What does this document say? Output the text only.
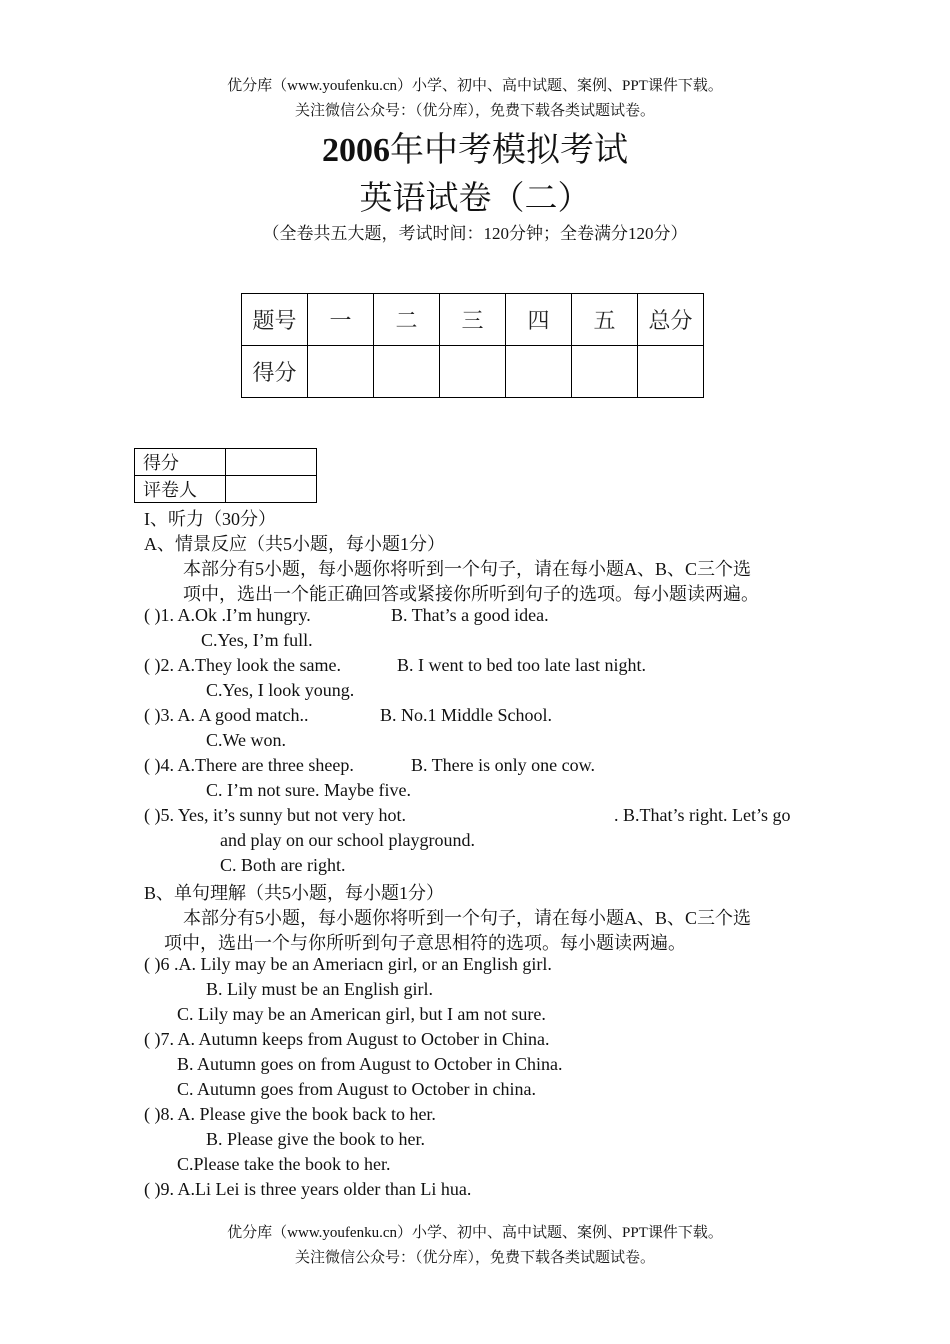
优分库（www.youfenku.cn）小学、初中、高中试题、案例、PPT课件下载。
关注微信公众号：（优分库），免费下载各类试题试卷。
2006年中考模拟考试
英语试卷（二）
（全卷共五大题，考试时间：120分钟；全卷满分120分）
题号	一	二	三	四	五	总分
得分						
得分	
评卷人	
I、听力（30分）
A、情景反应（共5小题，每小题1分）
本部分有5小题，每小题你将听到一个句子，请在每小题A、B、C三个选
项中，选出一个能正确回答或紧接你所听到句子的选项。每小题读两遍。
( )1. A.Ok .I’m hungry.	B. That’s a good idea.
C.Yes, I’m full.
( )2. A.They look the same.	B. I went to bed too late last night.
C.Yes, I look young.
( )3. A. A good match..	B. No.1 Middle School.
C.We won.
( )4. A.There are three sheep.	B. There is only one cow.
C. I’m not sure. Maybe five.
( )5. Yes, it’s sunny but not very hot.	. B.That’s right. Let’s go
and play on our school playground.
C. Both are right.
B、单句理解（共5小题，每小题1分）
本部分有5小题，每小题你将听到一个句子，请在每小题A、B、C三个选
项中，选出一个与你所听到句子意思相符的选项。每小题读两遍。
( )6 .A. Lily may be an Ameriacn girl, or an English girl.
B. Lily must be an English girl.
C. Lily may be an American girl, but I am not sure.
( )7. A. Autumn keeps from August to October in China.
B. Autumn goes on from August to October in China.
C. Autumn goes from August to October in china.
( )8. A. Please give the book back to her.
B. Please give the book to her.
C.Please take the book to her.
( )9. A.Li Lei is three years older than Li hua.
优分库（www.youfenku.cn）小学、初中、高中试题、案例、PPT课件下载。
关注微信公众号：（优分库），免费下载各类试题试卷。
